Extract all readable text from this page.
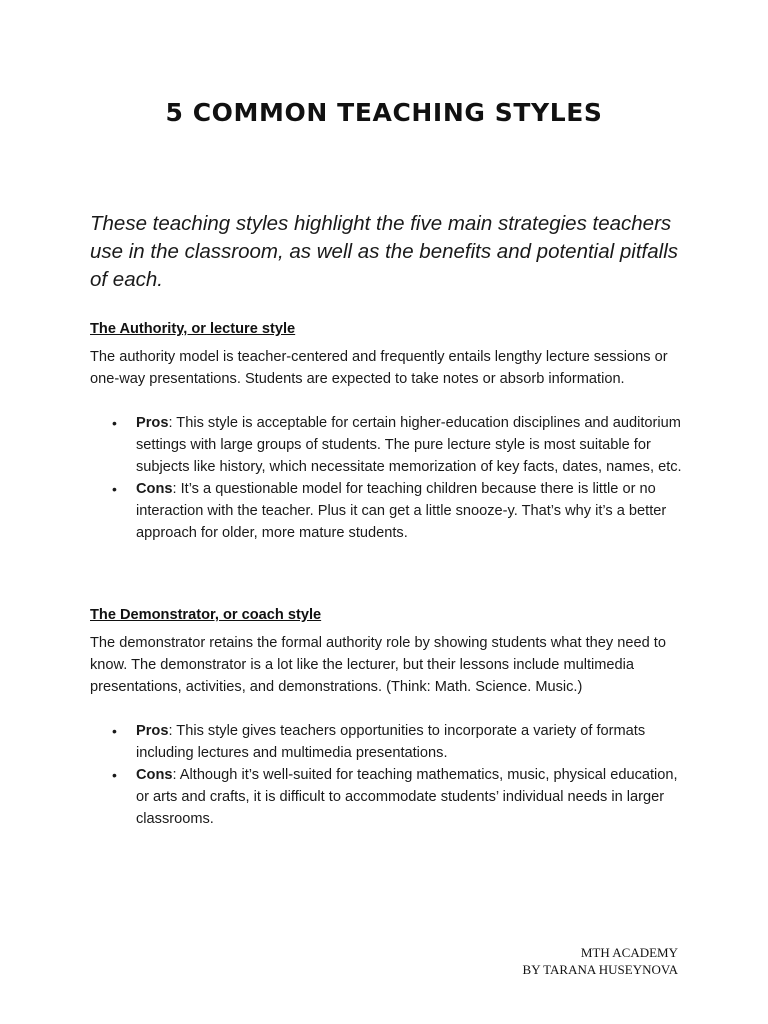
5 COMMON TEACHING STYLES

These teaching styles highlight the five main strategies teachers use in the classroom, as well as the benefits and potential pitfalls of each.

The Authority, or lecture style

The authority model is teacher-centered and frequently entails lengthy lecture sessions or one-way presentations. Students are expected to take notes or absorb information.

•
Pros: This style is acceptable for certain higher-education disciplines and auditorium settings with large groups of students. The pure lecture style is most suitable for subjects like history, which necessitate memorization of key facts, dates, names, etc.
•
Cons: It’s a questionable model for teaching children because there is little or no interaction with the teacher. Plus it can get a little snooze-y. That’s why it’s a better approach for older, more mature students.
The Demonstrator, or coach style

The demonstrator retains the formal authority role by showing students what they need to know. The demonstrator is a lot like the lecturer, but their lessons include multimedia presentations, activities, and demonstrations. (Think: Math. Science. Music.)

•
Pros: This style gives teachers opportunities to incorporate a variety of formats including lectures and multimedia presentations.
•
Cons: Although it’s well-suited for teaching mathematics, music, physical education, or arts and crafts, it is difficult to accommodate students’ individual needs in larger classrooms.
MTH ACADEMY
BY TARANA HUSEYNOVA
